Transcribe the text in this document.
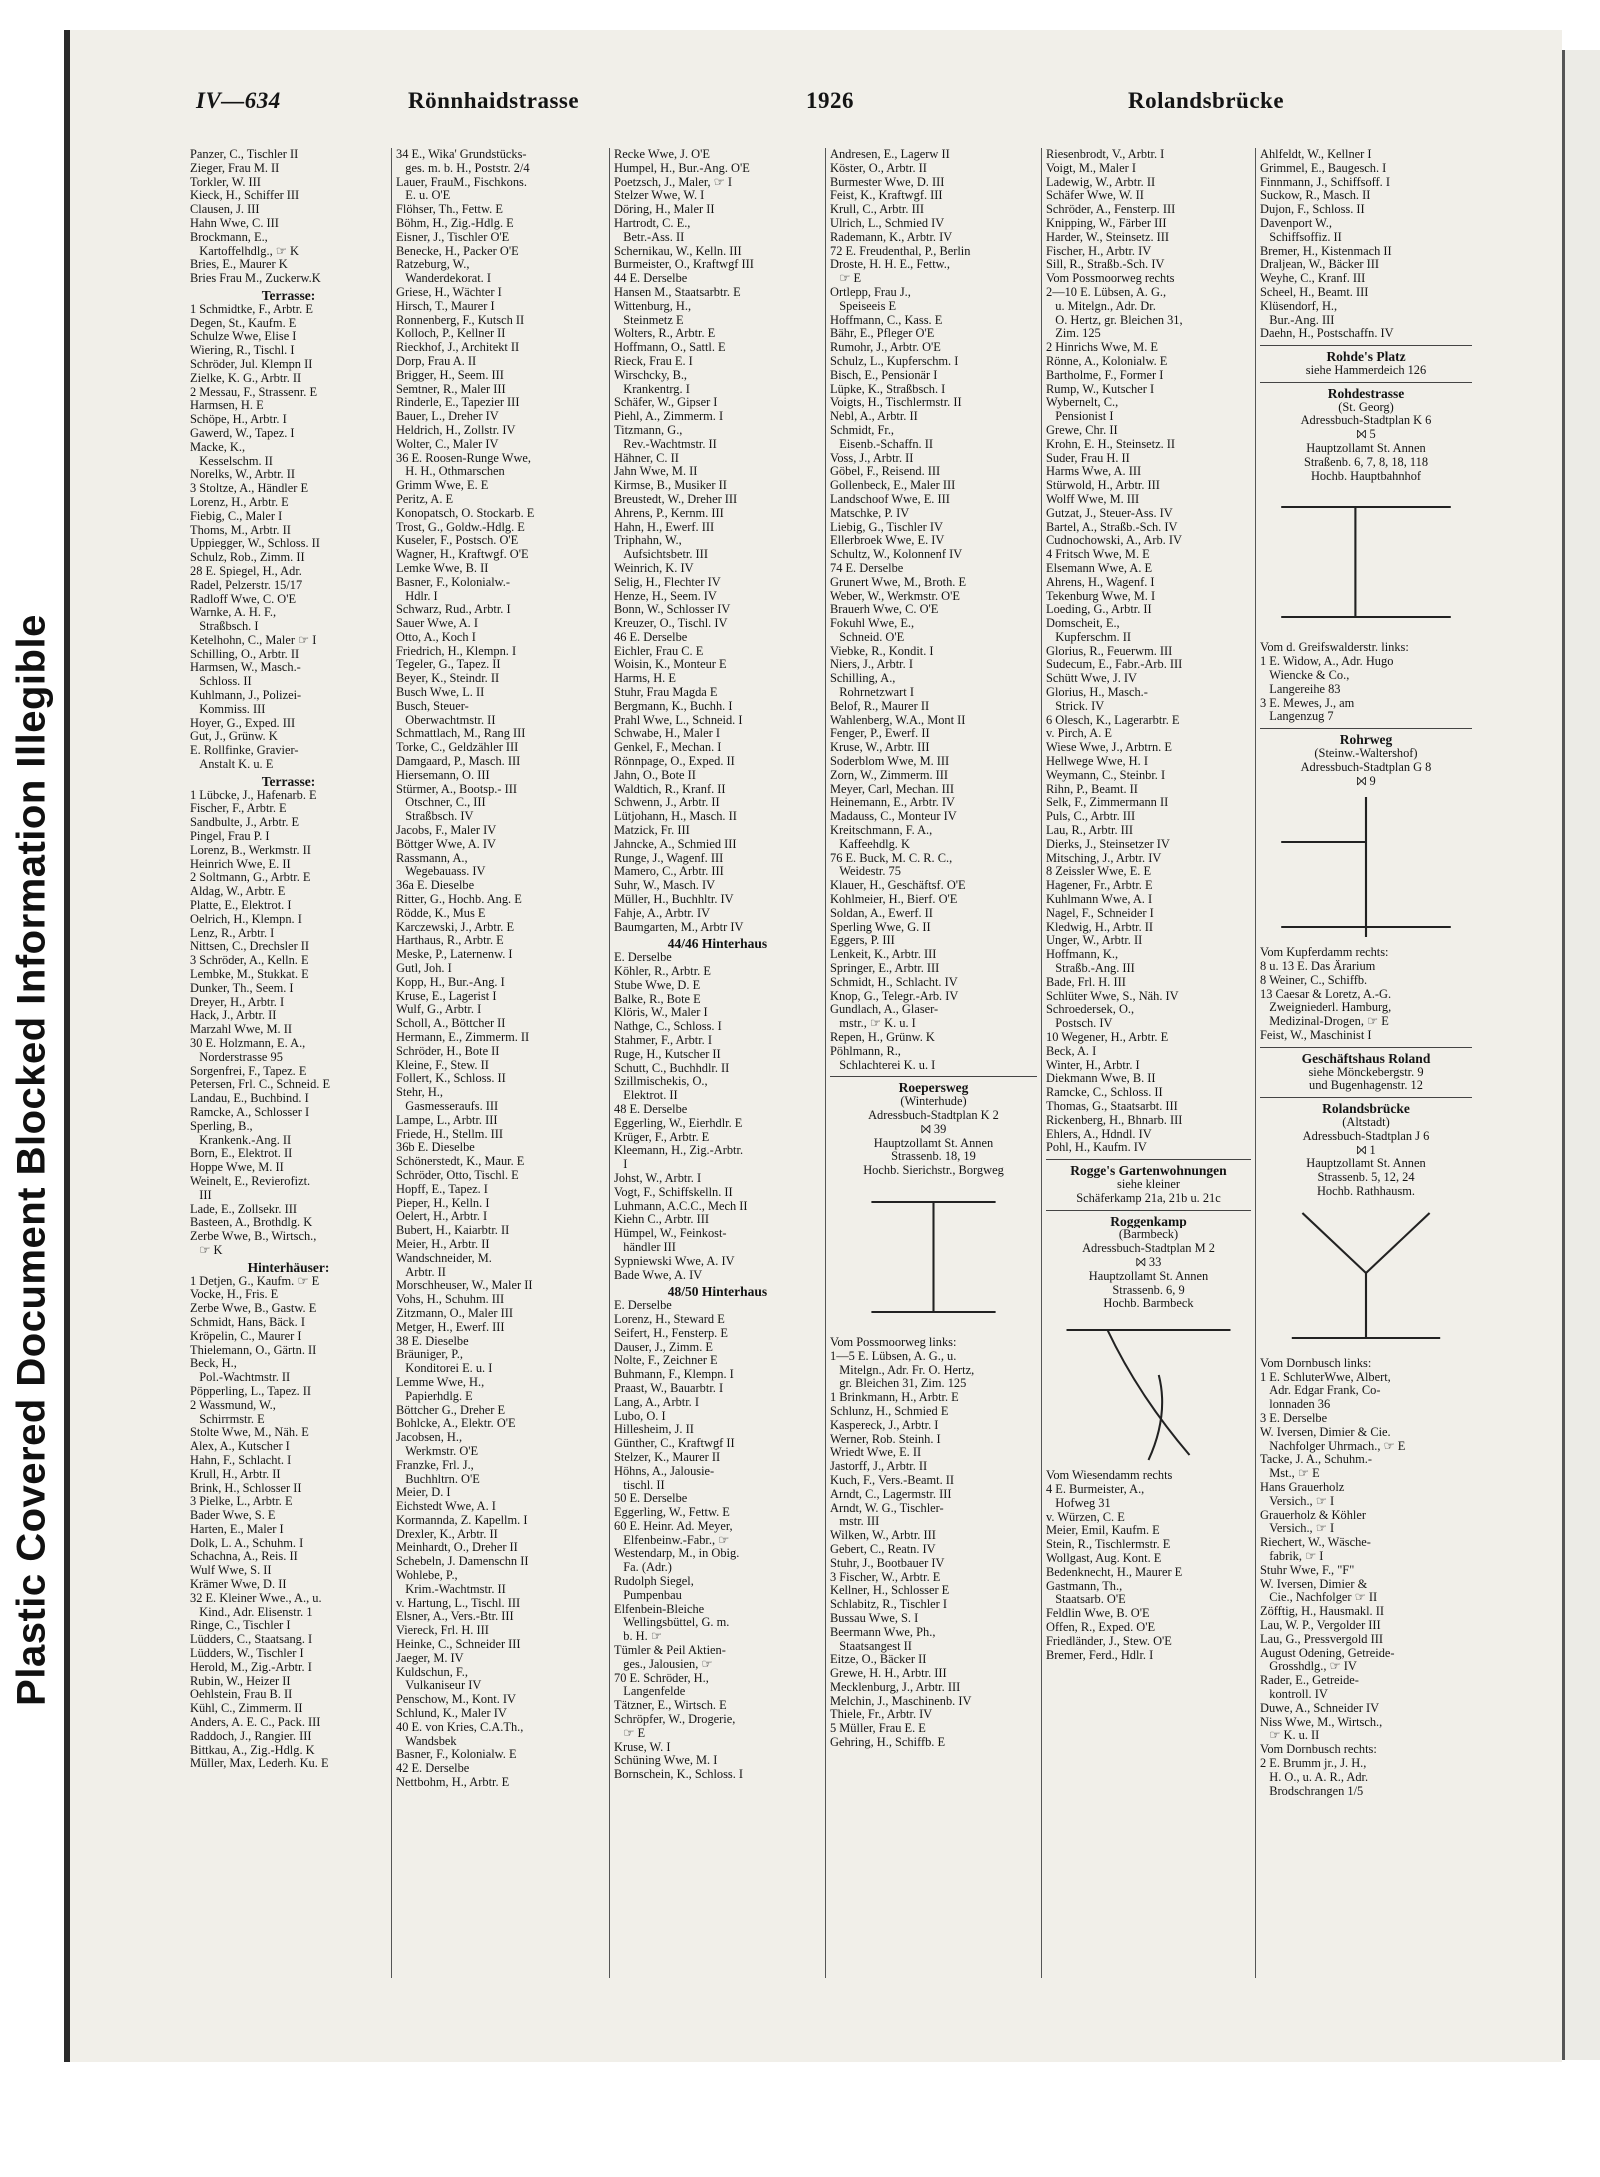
Plastic Covered Document Blocked Information Illegible
IV—634	Rönnhaidstrasse	1926	Rolandsbrücke
Panzer, C., Tischler II
Zieger, Frau M. II
Torkler, W. III
Kieck, H., Schiffer III
Clausen, J. III
Hahn Wwe, C. III
Brockmann, E.,
Kartoffelhdlg., ☞ K
Bries, E., Maurer K
Bries Frau M., Zuckerw.K
Terrasse:
1 Schmidtke, F., Arbtr. E
Degen, St., Kaufm. E
Schulze Wwe, Elise I
Wiering, R., Tischl. I
Schröder, Jul. Klempn II
Zielke, K. G., Arbtr. II
2 Messau, F., Strassenr. E
Harmsen, H. E
Schöpe, H., Arbtr. I
Gawerd, W., Tapez. I
Macke, K.,
Kesselschm. II
Norelks, W., Arbtr. II
3 Stoltze, A., Händler E
Lorenz, H., Arbtr. E
Fiebig, C., Maler I
Thoms, M., Arbtr. II
Uppiegger, W., Schloss. II
Schulz, Rob., Zimm. II
28 E. Spiegel, H., Adr.
Radel, Pelzerstr. 15/17
Radloff Wwe, C. O'E
Warnke, A. H. F.,
Straßbsch. I
Ketelhohn, C., Maler ☞ I
Schilling, O., Arbtr. II
Harmsen, W., Masch.-
Schloss. II
Kuhlmann, J., Polizei-
Kommiss. III
Hoyer, G., Exped. III
Gut, J., Grünw. K
E. Rollfinke, Gravier-
Anstalt K. u. E
Terrasse:
1 Lübcke, J., Hafenarb. E
Fischer, F., Arbtr. E
Sandbulte, J., Arbtr. E
Pingel, Frau P. I
Lorenz, B., Werkmstr. II
Heinrich Wwe, E. II
2 Soltmann, G., Arbtr. E
Aldag, W., Arbtr. E
Platte, E., Elektrot. I
Oelrich, H., Klempn. I
Lenz, R., Arbtr. I
Nittsen, C., Drechsler II
3 Schröder, A., Kelln. E
Lembke, M., Stukkat. E
Dunker, Th., Seem. I
Dreyer, H., Arbtr. I
Hack, J., Arbtr. II
Marzahl Wwe, M. II
30 E. Holzmann, E. A.,
Norderstrasse 95
Sorgenfrei, F., Tapez. E
Petersen, Frl. C., Schneid. E
Landau, E., Buchbind. I
Ramcke, A., Schlosser I
Sperling, B.,
Krankenk.-Ang. II
Born, E., Elektrot. II
Hoppe Wwe, M. II
Weinelt, E., Revierofizt.
III
Lade, E., Zollsekr. III
Basteen, A., Brothdlg. K
Zerbe Wwe, B., Wirtsch.,
☞ K
Hinterhäuser:
1 Detjen, G., Kaufm. ☞ E
Vocke, H., Fris. E
Zerbe Wwe, B., Gastw. E
Schmidt, Hans, Bäck. I
Kröpelin, C., Maurer I
Thielemann, O., Gärtn. II
Beck, H.,
Pol.-Wachtmstr. II
Pöpperling, L., Tapez. II
2 Wassmund, W.,
Schirrmstr. E
Stolte Wwe, M., Näh. E
Alex, A., Kutscher I
Hahn, F., Schlacht. I
Krull, H., Arbtr. II
Brink, H., Schlosser II
3 Pielke, L., Arbtr. E
Bader Wwe, S. E
Harten, E., Maler I
Dolk, L. A., Schuhm. I
Schachna, A., Reis. II
Wulf Wwe, S. II
Krämer Wwe, D. II
32 E. Kleiner Wwe., A., u.
Kind., Adr. Elisenstr. 1
Ringe, C., Tischler I
Lüdders, C., Staatsang. I
Lüdders, W., Tischler I
Herold, M., Zig.-Arbtr. I
Rubin, W., Heizer II
Oehlstein, Frau B. II
Kühl, C., Zimmerm. II
Anders, A. E. C., Pack. III
Raddoch, J., Rangier. III
Bittkau, A., Zig.-Hdlg. K
Müller, Max, Lederh. Ku. E
34 E., Wika' Grundstücks-
ges. m. b. H., Poststr. 2/4
Lauer, FrauM., Fischkons.
E. u. O'E
Flöhser, Th., Fettw. E
Böhm, H., Zig.-Hdlg. E
Eisner, J., Tischler O'E
Benecke, H., Packer O'E
Ratzeburg, W.,
Wanderdekorat. I
Griese, H., Wächter I
Hirsch, T., Maurer I
Ronnenberg, F., Kutsch II
Kolloch, P., Kellner II
Rieckhof, J., Architekt II
Dorp, Frau A. II
Brigger, H., Seem. III
Semtner, R., Maler III
Rinderle, E., Tapezier III
Bauer, L., Dreher IV
Heldrich, H., Zollstr. IV
Wolter, C., Maler IV
36 E. Roosen-Runge Wwe,
H. H., Othmarschen
Grimm Wwe, E. E
Peritz, A. E
Konopatsch, O. Stockarb. E
Trost, G., Goldw.-Hdlg. E
Kuseler, F., Postsch. O'E
Wagner, H., Kraftwgf. O'E
Lemke Wwe, B. II
Basner, F., Kolonialw.-
Hdlr. I
Schwarz, Rud., Arbtr. I
Sauer Wwe, A. I
Otto, A., Koch I
Friedrich, H., Klempn. I
Tegeler, G., Tapez. II
Beyer, K., Steindr. II
Busch Wwe, L. II
Busch, Steuer-
Oberwachtmstr. II
Schmattlach, M., Rang III
Torke, C., Geldzähler III
Damgaard, P., Masch. III
Hiersemann, O. III
Stürmer, A., Bootsp.- III
Otschner, C., III
Straßbsch. IV
Jacobs, F., Maler IV
Böttger Wwe, A. IV
Rassmann, A.,
Wegebauass. IV
36a E. Dieselbe
Ritter, G., Hochb. Ang. E
Rödde, K., Mus E
Karczewski, J., Arbtr. E
Harthaus, R., Arbtr. E
Meske, P., Laternenw. I
Gutl, Joh. I
Kopp, H., Bur.-Ang. I
Kruse, E., Lagerist I
Wulf, G., Arbtr. I
Scholl, A., Böttcher II
Hermann, E., Zimmerm. II
Schröder, H., Bote II
Kleine, F., Stew. II
Follert, K., Schloss. II
Stehr, H.,
Gasmesseraufs. III
Lampe, L., Arbtr. III
Friede, H., Stellm. III
36b E. Dieselbe
Schönerstedt, K., Maur. E
Schröder, Otto, Tischl. E
Hopff, E., Tapez. I
Pieper, H., Kelln. I
Oelert, H., Arbtr. I
Bubert, H., Kaiarbtr. II
Meier, H., Arbtr. II
Wandschneider, M.
Arbtr. II
Morschheuser, W., Maler II
Vohs, H., Schuhm. III
Zitzmann, O., Maler III
Metger, H., Ewerf. III
38 E. Dieselbe
Bräuniger, P.,
Konditorei E. u. I
Lemme Wwe, H.,
Papierhdlg. E
Böttcher G., Dreher E
Bohlcke, A., Elektr. O'E
Jacobsen, H.,
Werkmstr. O'E
Franzke, Frl. J.,
Buchhltrn. O'E
Meier, D. I
Eichstedt Wwe, A. I
Kormannda, Z. Kapellm. I
Drexler, K., Arbtr. II
Meinhardt, O., Dreher II
Schebeln, J. Damenschn II
Wohlebe, P.,
Krim.-Wachtmstr. II
v. Hartung, L., Tischl. III
Elsner, A., Vers.-Btr. III
Viereck, Frl. H. III
Heinke, C., Schneider III
Jaeger, M. IV
Kuldschun, F.,
Vulkaniseur IV
Penschow, M., Kont. IV
Schlund, K., Maler IV
40 E. von Kries, C.A.Th.,
Wandsbek
Basner, F., Kolonialw. E
42 E. Derselbe
Nettbohm, H., Arbtr. E
Recke Wwe, J. O'E
Humpel, H., Bur.-Ang. O'E
Poetzsch, J., Maler, ☞ I
Stelzer Wwe, W. I
Döring, H., Maler II
Hartrodt, C. E.,
Betr.-Ass. II
Schernikau, W., Kelln. III
Burmeister, O., Kraftwgf III
44 E. Derselbe
Hansen M., Staatsarbtr. E
Wittenburg, H.,
Steinmetz E
Wolters, R., Arbtr. E
Hoffmann, O., Sattl. E
Rieck, Frau E. I
Wirschcky, B.,
Krankentrg. I
Schäfer, W., Gipser I
Piehl, A., Zimmerm. I
Titzmann, G.,
Rev.-Wachtmstr. II
Hähner, C. II
Jahn Wwe, M. II
Kirmse, B., Musiker II
Breustedt, W., Dreher III
Ahrens, P., Kernm. III
Hahn, H., Ewerf. III
Triphahn, W.,
Aufsichtsbetr. III
Weinrich, K. IV
Selig, H., Flechter IV
Henze, H., Seem. IV
Bonn, W., Schlosser IV
Kreuzer, O., Tischl. IV
46 E. Derselbe
Eichler, Frau C. E
Woisin, K., Monteur E
Harms, H. E
Stuhr, Frau Magda E
Bergmann, K., Buchh. I
Prahl Wwe, L., Schneid. I
Schwabe, H., Maler I
Genkel, F., Mechan. I
Rönnpage, O., Exped. II
Jahn, O., Bote II
Waldtich, R., Kranf. II
Schwenn, J., Arbtr. II
Lütjohann, H., Masch. II
Matzick, Fr. III
Jahncke, A., Schmied III
Runge, J., Wagenf. III
Mamero, C., Arbtr. III
Suhr, W., Masch. IV
Müller, H., Buchhltr. IV
Fahje, A., Arbtr. IV
Baumgarten, M., Arbtr IV
44/46 Hinterhaus
E. Derselbe
Köhler, R., Arbtr. E
Stube Wwe, D. E
Balke, R., Bote E
Klöris, W., Maler I
Nathge, C., Schloss. I
Stahmer, F., Arbtr. I
Ruge, H., Kutscher II
Schutt, C., Buchhdlr. II
Szillmischekis, O.,
Elektrot. II
48 E. Derselbe
Eggerling, W., Eierhdlr. E
Krüger, F., Arbtr. E
Kleemann, H., Zig.-Arbtr.
I
Johst, W., Arbtr. I
Vogt, F., Schiffskelln. II
Luhmann, A.C.C., Mech II
Kiehn C., Arbtr. III
Hümpel, W., Feinkost-
händler III
Sypniewski Wwe, A. IV
Bade Wwe, A. IV
48/50 Hinterhaus
E. Derselbe
Lorenz, H., Steward E
Seifert, H., Fensterp. E
Dauser, J., Zimm. E
Nolte, F., Zeichner E
Buhmann, F., Klempn. I
Praast, W., Bauarbtr. I
Lang, A., Arbtr. I
Lubo, O. I
Hillesheim, J. II
Günther, C., Kraftwgf II
Stelzer, K., Maurer II
Höhns, A., Jalousie-
tischl. II
50 E. Derselbe
Eggerling, W., Fettw. E
60 E. Heinr. Ad. Meyer,
Elfenbeinw.-Fabr., ☞
Westendarp, M., in Obig.
Fa. (Adr.)
Rudolph Siegel,
Pumpenbau
Elfenbein-Bleiche
Wellingsbüttel, G. m.
b. H. ☞
Tümler & Peil Aktien-
ges., Jalousien, ☞
70 E. Schröder, H.,
Langenfelde
Tätzner, E., Wirtsch. E
Schröpfer, W., Drogerie,
☞ E
Kruse, W. I
Schüning Wwe, M. I
Bornschein, K., Schloss. I
Andresen, E., Lagerw II
Köster, O., Arbtr. II
Burmester Wwe, D. III
Feist, K., Kraftwgf. III
Krull, C., Arbtr. III
Ulrich, L., Schmied IV
Rademann, K., Arbtr. IV
72 E. Freudenthal, P., Berlin
Droste, H. H. E., Fettw.,
☞ E
Ortlepp, Frau J.,
Speiseeis E
Hoffmann, C., Kass. E
Bähr, E., Pfleger O'E
Rumohr, J., Arbtr. O'E
Schulz, L., Kupferschm. I
Bisch, E., Pensionär I
Lüpke, K., Straßbsch. I
Voigts, H., Tischlermstr. II
Nebl, A., Arbtr. II
Schmidt, Fr.,
Eisenb.-Schaffn. II
Voss, J., Arbtr. II
Göbel, F., Reisend. III
Gollenbeck, E., Maler III
Landschoof Wwe, E. III
Matschke, P. IV
Liebig, G., Tischler IV
Ellerbroek Wwe, E. IV
Schultz, W., Kolonnenf IV
74 E. Derselbe
Grunert Wwe, M., Broth. E
Weber, W., Werkmstr. O'E
Brauerh Wwe, C. O'E
Fokuhl Wwe, E.,
Schneid. O'E
Viebke, R., Kondit. I
Niers, J., Arbtr. I
Schilling, A.,
Rohrnetzwart I
Belof, R., Maurer II
Wahlenberg, W.A., Mont II
Fenger, P., Ewerf. II
Kruse, W., Arbtr. III
Soderblom Wwe, M. III
Zorn, W., Zimmerm. III
Meyer, Carl, Mechan. III
Heinemann, E., Arbtr. IV
Madauss, C., Monteur IV
Kreitschmann, F. A.,
Kaffeehdlg. K
76 E. Buck, M. C. R. C.,
Weidestr. 75
Klauer, H., Geschäftsf. O'E
Kohlmeier, H., Bierf. O'E
Soldan, A., Ewerf. II
Sperling Wwe, G. II
Eggers, P. III
Lenkeit, K., Arbtr. III
Springer, E., Arbtr. III
Schmidt, H., Schlacht. IV
Knop, G., Telegr.-Arb. IV
Gundlach, A., Glaser-
mstr., ☞ K. u. I
Repen, H., Grünw. K
Pöhlmann, R.,
Schlachterei K. u. I
Roepersweg
(Winterhude)
Adressbuch-Stadtplan K 2
⨝ 39
Hauptzollamt St. Annen
Strassenb. 18, 19
Hochb. Sierichstr., Borgweg
Vom Possmoorweg links:
1—5 E. Lübsen, A. G., u.
Mitelgn., Adr. Fr. O. Hertz,
gr. Bleichen 31, Zim. 125
1 Brinkmann, H., Arbtr. E
Schlunz, H., Schmied E
Kaspereck, J., Arbtr. I
Werner, Rob. Steinh. I
Wriedt Wwe, E. II
Jastorff, J., Arbtr. II
Kuch, F., Vers.-Beamt. II
Arndt, C., Lagermstr. III
Arndt, W. G., Tischler-
mstr. III
Wilken, W., Arbtr. III
Gebert, C., Reatn. IV
Stuhr, J., Bootbauer IV
3 Fischer, W., Arbtr. E
Kellner, H., Schlosser E
Schlabitz, R., Tischler I
Bussau Wwe, S. I
Beermann Wwe, Ph.,
Staatsangest II
Eitze, O., Bäcker II
Grewe, H. H., Arbtr. III
Mecklenburg, J., Arbtr. III
Melchin, J., Maschinenb. IV
Thiele, Fr., Arbtr. IV
5 Müller, Frau E. E
Gehring, H., Schiffb. E
Riesenbrodt, V., Arbtr. I
Voigt, M., Maler I
Ladewig, W., Arbtr. II
Schäfer Wwe, W. II
Schröder, A., Fensterp. III
Knipping, W., Färber III
Harder, W., Steinsetz. III
Fischer, H., Arbtr. IV
Sill, R., Straßb.-Sch. IV
Vom Possmoorweg rechts
2—10 E. Lübsen, A. G.,
u. Mitelgn., Adr. Dr.
O. Hertz, gr. Bleichen 31,
Zim. 125
2 Hinrichs Wwe, M. E
Rönne, A., Kolonialw. E
Bartholme, F., Former I
Rump, W., Kutscher I
Wybernelt, C.,
Pensionist I
Grewe, Chr. II
Krohn, E. H., Steinsetz. II
Suder, Frau H. II
Harms Wwe, A. III
Stürwold, H., Arbtr. III
Wolff Wwe, M. III
Gutzat, J., Steuer-Ass. IV
Bartel, A., Straßb.-Sch. IV
Cudnochowski, A., Arb. IV
4 Fritsch Wwe, M. E
Elsemann Wwe, A. E
Ahrens, H., Wagenf. I
Tekenburg Wwe, M. I
Loeding, G., Arbtr. II
Domscheit, E.,
Kupferschm. II
Glorius, R., Feuerwm. III
Sudecum, E., Fabr.-Arb. III
Schütt Wwe, J. IV
Glorius, H., Masch.-
Strick. IV
6 Olesch, K., Lagerarbtr. E
v. Pirch, A. E
Wiese Wwe, J., Arbtrn. E
Hellwege Wwe, H. I
Weymann, C., Steinbr. I
Rihn, P., Beamt. II
Selk, F., Zimmermann II
Puls, C., Arbtr. III
Lau, R., Arbtr. III
Dierks, J., Steinsetzer IV
Mitsching, J., Arbtr. IV
8 Zeissler Wwe, E. E
Hagener, Fr., Arbtr. E
Kuhlmann Wwe, A. I
Nagel, F., Schneider I
Kledwig, H., Arbtr. II
Unger, W., Arbtr. II
Hoffmann, K.,
Straßb.-Ang. III
Bade, Frl. H. III
Schlüter Wwe, S., Näh. IV
Schroedersek, O.,
Postsch. IV
10 Wegener, H., Arbtr. E
Beck, A. I
Winter, H., Arbtr. I
Diekmann Wwe, B. II
Ramcke, C., Schloss. II
Thomas, G., Staatsarbt. III
Rickenberg, H., Bhnarb. III
Ehlers, A., Hdndl. IV
Pohl, H., Kaufm. IV
Rogge's Gartenwohnungen
siehe kleiner
Schäferkamp 21a, 21b u. 21c
Roggenkamp
(Barmbeck)
Adressbuch-Stadtplan M 2
⨝ 33
Hauptzollamt St. Annen
Strassenb. 6, 9
Hochb. Barmbeck
Vom Wiesendamm rechts
4 E. Burmeister, A.,
Hofweg 31
v. Würzen, C. E
Meier, Emil, Kaufm. E
Stein, R., Tischlermstr. E
Wollgast, Aug. Kont. E
Bedenknecht, H., Maurer E
Gastmann, Th.,
Staatsarb. O'E
Feldlin Wwe, B. O'E
Offen, R., Exped. O'E
Friedländer, J., Stew. O'E
Bremer, Ferd., Hdlr. I
Ahlfeldt, W., Kellner I
Grimmel, E., Baugesch. I
Finnmann, J., Schiffsoff. I
Suckow, R., Masch. II
Dujon, F., Schloss. II
Davenport W.,
Schiffsoffiz. II
Bremer, H., Kistenmach II
Draljean, W., Bäcker III
Weyhe, C., Kranf. III
Scheel, H., Beamt. III
Klüsendorf, H.,
Bur.-Ang. III
Daehn, H., Postschaffn. IV
Rohde's Platz
siehe Hammerdeich 126
Rohdestrasse
(St. Georg)
Adressbuch-Stadtplan K 6
⨝ 5
Hauptzollamt St. Annen
Straßenb. 6, 7, 8, 18, 118
Hochb. Hauptbahnhof
Vom d. Greifswalderstr. links:
1 E. Widow, A., Adr. Hugo
Wiencke & Co.,
Langereihe 83
3 E. Mewes, J., am
Langenzug 7
Rohrweg
(Steinw.-Waltershof)
Adressbuch-Stadtplan G 8
⨝ 9
Vom Kupferdamm rechts:
8 u. 13 E. Das Ärarium
8 Weiner, C., Schiffb.
13 Caesar & Loretz, A.-G.
Zweigniederl. Hamburg,
Medizinal-Drogen, ☞ E
Feist, W., Maschinist I
Geschäftshaus Roland
siehe Mönckebergstr. 9
und Bugenhagenstr. 12
Rolandsbrücke
(Altstadt)
Adressbuch-Stadtplan J 6
⨝ 1
Hauptzollamt St. Annen
Strassenb. 5, 12, 24
Hochb. Rathhausm.
Vom Dornbusch links:
1 E. SchluterWwe, Albert,
Adr. Edgar Frank, Co-
lonnaden 36
3 E. Derselbe
W. Iversen, Dimier & Cie.
Nachfolger Uhrmach., ☞ E
Tacke, J. A., Schuhm.-
Mst., ☞ E
Hans Grauerholz
Versich., ☞ I
Grauerholz & Köhler
Versich., ☞ I
Riechert, W., Wäsche-
fabrik, ☞ I
Stuhr Wwe, F., "F"
W. Iversen, Dimier &
Cie., Nachfolger ☞ II
Zöfftig, H., Hausmakl. II
Lau, W. P., Vergolder III
Lau, G., Pressvergold III
August Odening, Getreide-
Grosshdlg., ☞ IV
Rader, E., Getreide-
kontroll. IV
Duwe, A., Schneider IV
Niss Wwe, M., Wirtsch.,
☞ K. u. II
Vom Dornbusch rechts:
2 E. Brumm jr., J. H.,
H. O., u. A. R., Adr.
Brodschrangen 1/5
